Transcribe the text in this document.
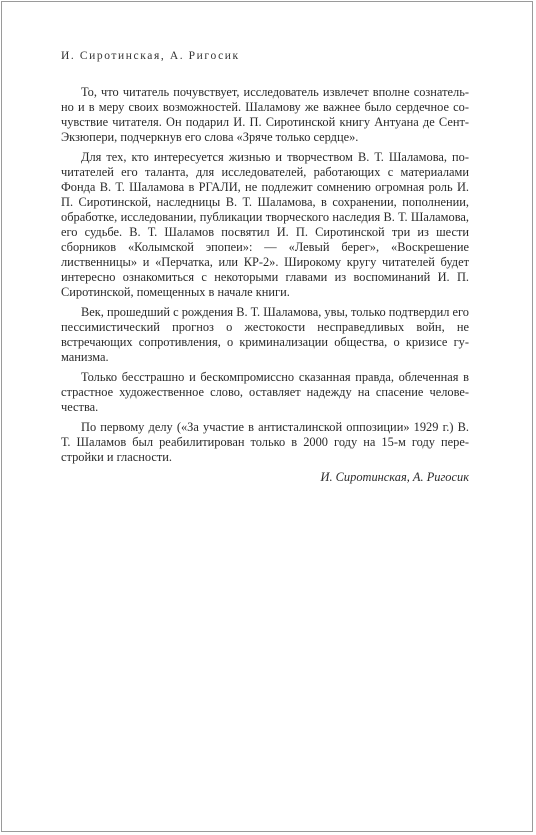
И. Сиротинская, А. Ригосик

То, что читатель почувствует, исследователь извлечет вполне сознательно и в меру своих возможностей. Шаламову же важнее было сердечное сочувствие читателя. Он подарил И. П. Сиротинской книгу Антуана де Сент-Экзюпери, подчеркнув его слова «Зряче только сердце».

Для тех, кто интересуется жизнью и творчеством В. Т. Шаламова, почитателей его таланта, для исследователей, работающих с материалами Фонда В. Т. Шаламова в РГАЛИ, не подлежит сомнению огромная роль И. П. Сиротинской, наследницы В. Т. Шаламова, в сохранении, пополнении, обработке, исследовании, публикации творческого наследия В. Т. Шаламова, его судьбе. В. Т. Шаламов посвятил И. П. Сиротинской три из шести сборников «Колымской эпопеи»: — «Левый берег», «Воскрешение лиственницы» и «Перчатка, или КР-2». Широкому кругу читателей будет интересно ознакомиться с некоторыми главами из воспоминаний И. П. Сиротинской, помещенных в начале книги.

Век, прошедший с рождения В. Т. Шаламова, увы, только подтвердил его пессимистический прогноз о жестокости несправедливых войн, не встречающих сопротивления, о криминализации общества, о кризисе гуманизма.

Только бесстрашно и бескомпромиссно сказанная правда, облеченная в страстное художественное слово, оставляет надежду на спасение человечества.

По первому делу («За участие в антисталинской оппозиции» 1929 г.) В. Т. Шаламов был реабилитирован только в 2000 году на 15-м году перестройки и гласности.

И. Сиротинская, А. Ригосик
